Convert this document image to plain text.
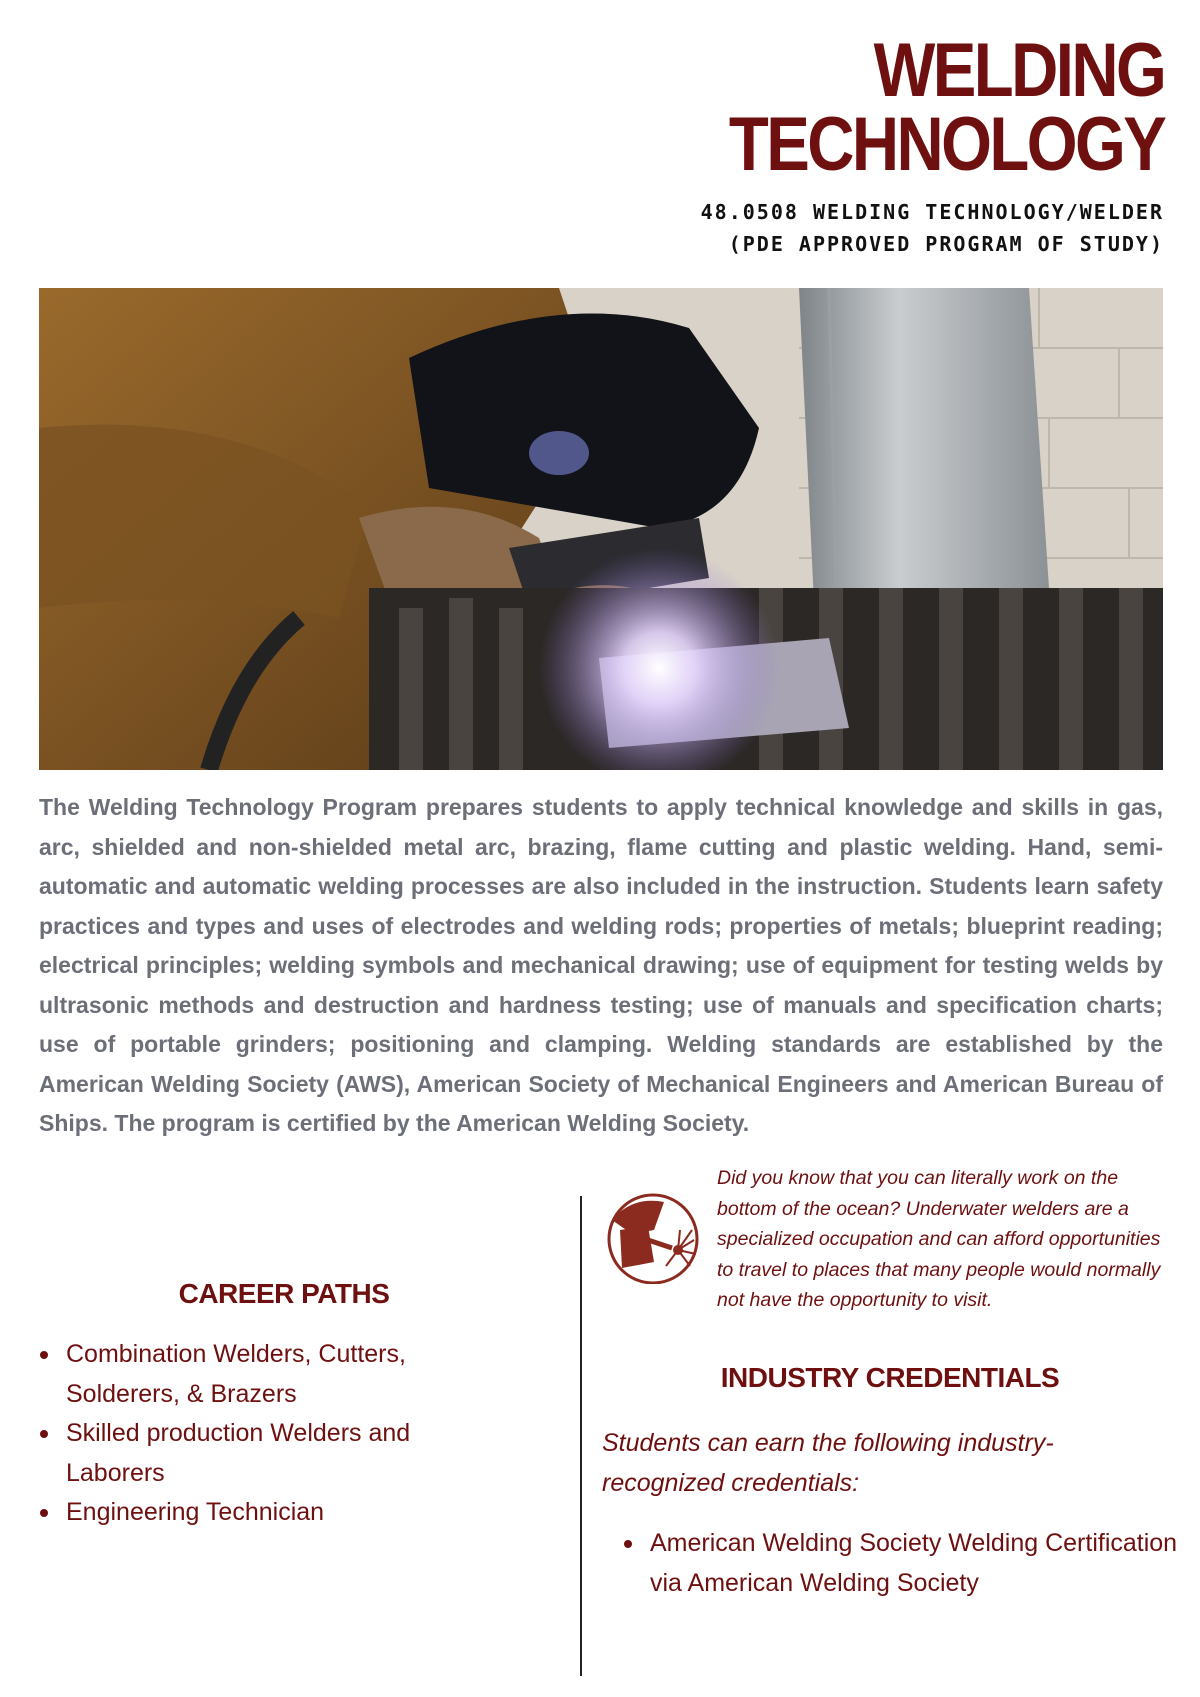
WELDING
TECHNOLOGY
48.0508 WELDING TECHNOLOGY/WELDER
(PDE APPROVED PROGRAM OF STUDY)

The Welding Technology Program prepares students to apply technical knowledge and skills in gas, arc, shielded and non-shielded metal arc, brazing, flame cutting and plastic welding. Hand, semi-automatic and automatic welding processes are also included in the instruction. Students learn safety practices and types and uses of electrodes and welding rods; properties of metals; blueprint reading; electrical principles; welding symbols and mechanical drawing; use of equipment for testing welds by ultrasonic methods and destruction and hardness testing; use of manuals and specification charts; use of portable grinders; positioning and clamping. Welding standards are established by the American Welding Society (AWS), American Society of Mechanical Engineers and American Bureau of Ships. The program is certified by the American Welding Society.

CAREER PATHS
Combination Welders, Cutters, Solderers, & Brazers
Skilled production Welders and Laborers
Engineering Technician

Did you know that you can literally work on the bottom of the ocean? Underwater welders are a specialized occupation and can afford opportunities to travel to places that many people would normally not have the opportunity to visit.

INDUSTRY CREDENTIALS

Students can earn the following industry-recognized credentials:

American Welding Society Welding Certification via American Welding Society
